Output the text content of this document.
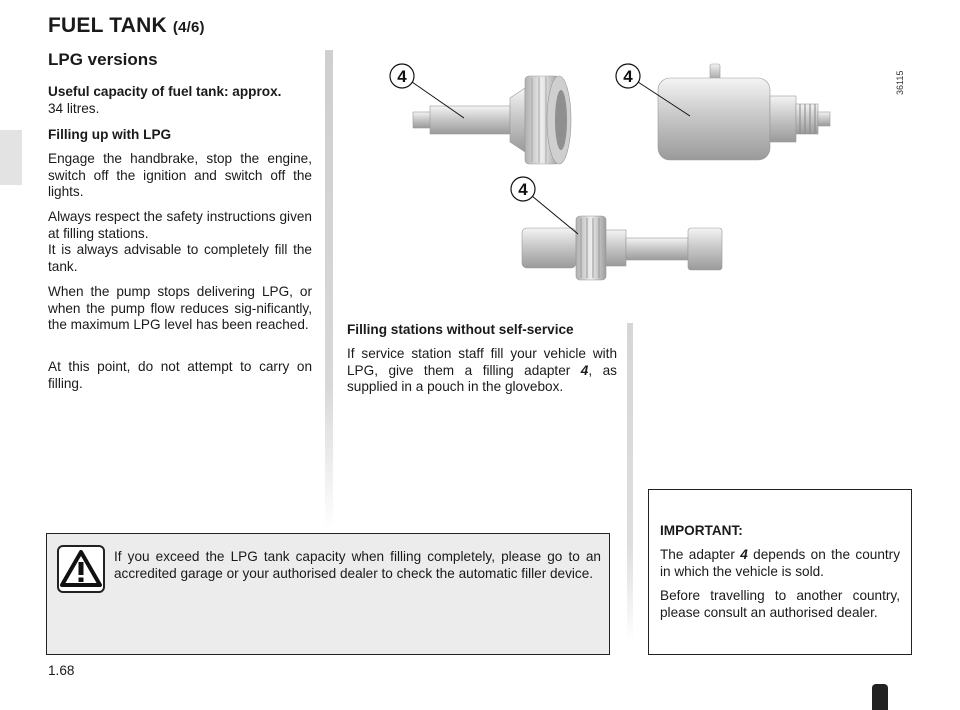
FUEL TANK (4/6)
LPG versions

Useful capacity of fuel tank: approx.
34 litres.

Filling up with LPG
Engage the handbrake, stop the engine, switch off the ignition and switch off the lights.

Always respect the safety instructions given at filling stations.

It is always advisable to completely fill the tank.

When the pump stops delivering LPG, or when the pump flow reduces sig-nificantly, the maximum LPG level has been reached.
At this point, do not attempt to carry on filling.
4	4
4
36115
Filling stations without self-service
If service station staff fill your vehicle with LPG, give them a filling adapter 4, as supplied in a pouch in the glovebox.
If you exceed the LPG tank capacity when filling completely, please go to an accredited garage or your authorised dealer to check the automatic filler device.
IMPORTANT:
The adapter 4 depends on the country in which the vehicle is sold.
Before travelling to another country, please consult an authorised dealer.
1.68
